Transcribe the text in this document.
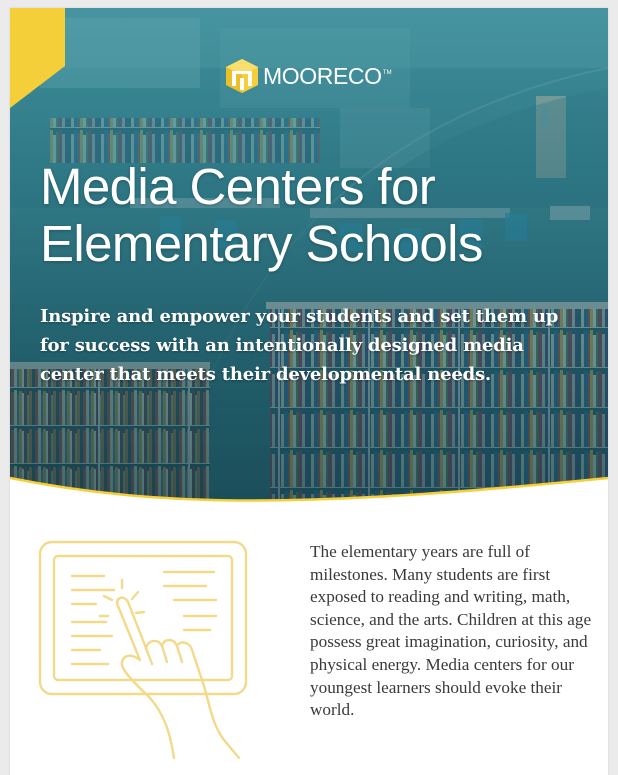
MOORECO TM
Media Centers for
Elementary Schools

Inspire and empower your students and set them up for success with an intentionally designed media center that meets their developmental needs.

The elementary years are full of milestones. Many students are first exposed to reading and writing, math, science, and the arts. Children at this age possess great imagination, curiosity, and physical energy. Media centers for our youngest learners should evoke their world.
